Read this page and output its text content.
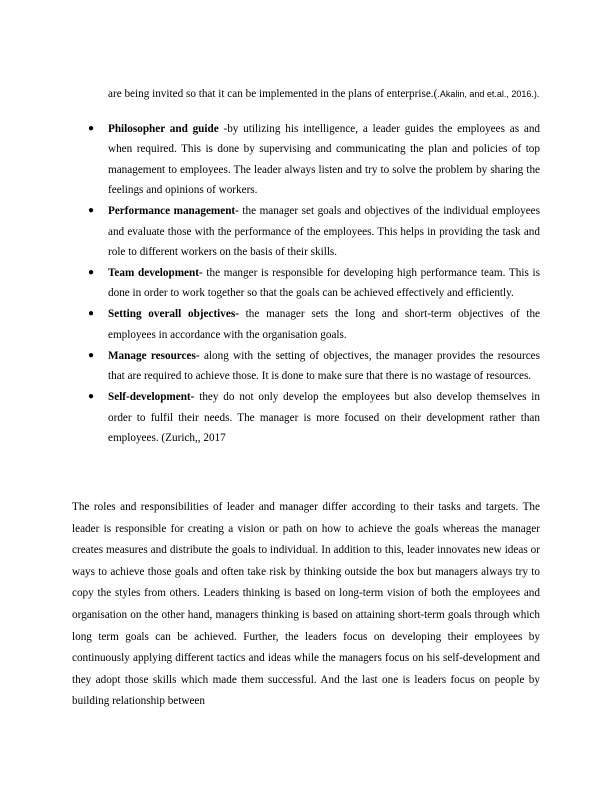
are being invited so that it can be implemented in the plans of enterprise.(.Akalin, and et.al., 2016.).
● Philosopher and guide -by utilizing his intelligence, a leader guides the employees as and when required. This is done by supervising and communicating the plan and policies of top management to employees. The leader always listen and try to solve the problem by sharing the feelings and opinions of workers.
● Performance management- the manager set goals and objectives of the individual employees and evaluate those with the performance of the employees. This helps in providing the task and role to different workers on the basis of their skills.
● Team development- the manger is responsible for developing high performance team. This is done in order to work together so that the goals can be achieved effectively and efficiently.
● Setting overall objectives- the manager sets the long and short-term objectives of the employees in accordance with the organisation goals.
● Manage resources- along with the setting of objectives, the manager provides the resources that are required to achieve those. It is done to make sure that there is no wastage of resources.
● Self-development- they do not only develop the employees but also develop themselves in order to fulfil their needs. The manager is more focused on their development rather than employees. (Zurich,, 2017

The roles and responsibilities of leader and manager differ according to their tasks and targets. The leader is responsible for creating a vision or path on how to achieve the goals whereas the manager creates measures and distribute the goals to individual. In addition to this, leader innovates new ideas or ways to achieve those goals and often take risk by thinking outside the box but managers always try to copy the styles from others. Leaders thinking is based on long-term vision of both the employees and organisation on the other hand, managers thinking is based on attaining short-term goals through which long term goals can be achieved. Further, the leaders focus on developing their employees by continuously applying different tactics and ideas while the managers focus on his self-development and they adopt those skills which made them successful. And the last one is leaders focus on people by building relationship between
